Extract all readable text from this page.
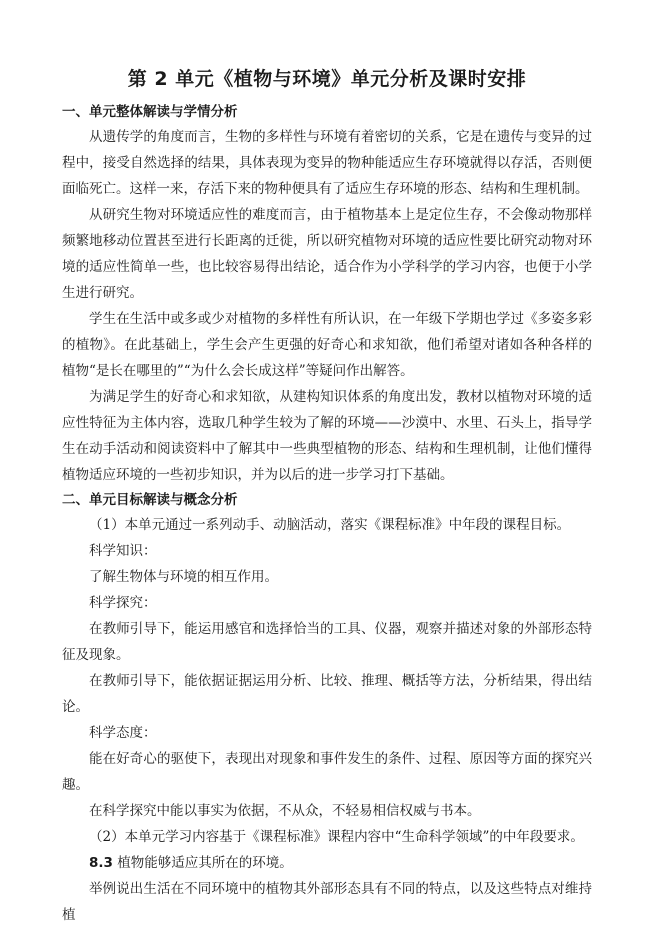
第 2 单元《植物与环境》单元分析及课时安排
一、单元整体解读与学情分析

从遗传学的角度而言，生物的多样性与环境有着密切的关系，它是在遗传与变异的过程中，接受自然选择的结果，具体表现为变异的物种能适应生存环境就得以存活，否则便面临死亡。这样一来，存活下来的物种便具有了适应生存环境的形态、结构和生理机制。

从研究生物对环境适应性的难度而言，由于植物基本上是定位生存，不会像动物那样频繁地移动位置甚至进行长距离的迁徙，所以研究植物对环境的适应性要比研究动物对环境的适应性简单一些，也比较容易得出结论，适合作为小学科学的学习内容，也便于小学生进行研究。

学生在生活中或多或少对植物的多样性有所认识，在一年级下学期也学过《多姿多彩的植物》。在此基础上，学生会产生更强的好奇心和求知欲，他们希望对诸如各种各样的植物“是长在哪里的”“为什么会长成这样”等疑问作出解答。

为满足学生的好奇心和求知欲，从建构知识体系的角度出发，教材以植物对环境的适应性特征为主体内容，选取几种学生较为了解的环境——沙漠中、水里、石头上，指导学生在动手活动和阅读资料中了解其中一些典型植物的形态、结构和生理机制，让他们懂得植物适应环境的一些初步知识，并为以后的进一步学习打下基础。

二、单元目标解读与概念分析

（1）本单元通过一系列动手、动脑活动，落实《课程标准》中年段的课程目标。

科学知识：

了解生物体与环境的相互作用。

科学探究：

在教师引导下，能运用感官和选择恰当的工具、仪器，观察并描述对象的外部形态特征及现象。

在教师引导下，能依据证据运用分析、比较、推理、概括等方法，分析结果，得出结论。

科学态度：

能在好奇心的驱使下，表现出对现象和事件发生的条件、过程、原因等方面的探究兴趣。

在科学探究中能以事实为依据，不从众，不轻易相信权威与书本。

（2）本单元学习内容基于《课程标准》课程内容中“生命科学领域”的中年段要求。

8.3 植物能够适应其所在的环境。

举例说出生活在不同环境中的植物其外部形态具有不同的特点，以及这些特点对维持植
